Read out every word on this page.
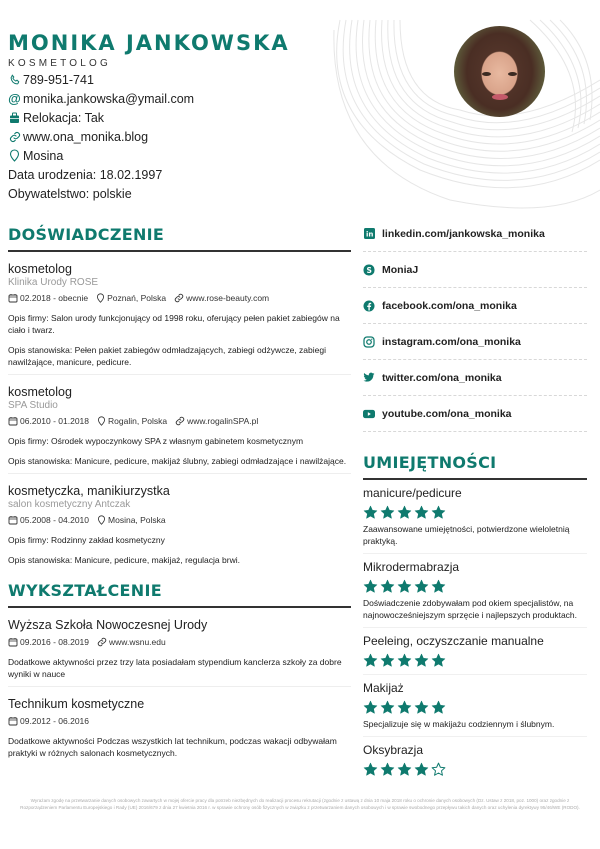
MONIKA JANKOWSKA
KOSMETOLOG
789-951-741
@ monika.jankowska@ymail.com
Relokacja: Tak
www.ona_monika.blog
Mosina
Data urodzenia: 18.02.1997
Obywatelstwo: polskie
DOŚWIADCZENIE
kosmetolog
Klinika Urody ROSE
02.2018 - obecnie Poznań, Polska www.rose-beauty.com
Opis firmy: Salon urody funkcjonujący od 1998 roku, oferujący pełen pakiet zabiegów na ciało i twarz.
Opis stanowiska: Pełen pakiet zabiegów odmładzających, zabiegi odżywcze, zabiegi nawilżające, manicure, pedicure.
kosmetolog
SPA Studio
06.2010 - 01.2018 Rogalin, Polska www.rogalinSPA.pl
Opis firmy: Ośrodek wypoczynkowy SPA z własnym gabinetem kosmetycznym
Opis stanowiska: Manicure, pedicure, makijaż ślubny, zabiegi odmładzające i nawilżające.
kosmetyczka, manikiurzystka
salon kosmetyczny Antczak
05.2008 - 04.2010 Mosina, Polska
Opis firmy: Rodzinny zakład kosmetyczny
Opis stanowiska: Manicure, pedicure, makijaż, regulacja brwi.
WYKSZTAŁCENIE
Wyższa Szkoła Nowoczesnej Urody
09.2016 - 08.2019 www.wsnu.edu
Dodatkowe aktywności przez trzy lata posiadałam stypendium kanclerza szkoły za dobre wyniki w nauce
Technikum kosmetyczne
09.2012 - 06.2016
Dodatkowe aktywności Podczas wszystkich lat technikum, podczas wakacji odbywałam praktyki w różnych salonach kosmetycznych.
in linkedin.com/jankowska_monika
S MoniaJ
facebook.com/ona_monika
instagram.com/ona_monika
twitter.com/ona_monika
youtube.com/ona_monika
UMIEJĘTNOŚCI
manicure/pedicure
Zaawansowane umiejętności, potwierdzone wieloletnią praktyką.
Mikrodermabrazja
Doświadczenie zdobywałam pod okiem specjalistów, na najnowocześniejszym sprzęcie i najlepszych produktach.
Peeleing, oczyszczanie manualne
Makijaż
Specjalizuje się w makijażu codziennym i ślubnym.
Oksybrazja
Wyrażam zgodę na przetwarzanie danych osobowych zawartych w mojej ofercie pracy dla potrzeb niezbędnych do realizacji procesu rekrutacji (zgodnie z ustawą z dnia 10 maja 2018 roku o ochronie danych osobowych (Dz. Ustaw z 2018, poz. 1000) oraz zgodnie z Rozporządzeniem Parlamentu Europejskiego i Rady (UE) 2016/679 z dnia 27 kwietnia 2016 r. w sprawie ochrony osób fizycznych w związku z przetwarzaniem danych osobowych i w sprawie swobodnego przepływu takich danych oraz uchylenia dyrektywy 95/46/WE (RODO).
